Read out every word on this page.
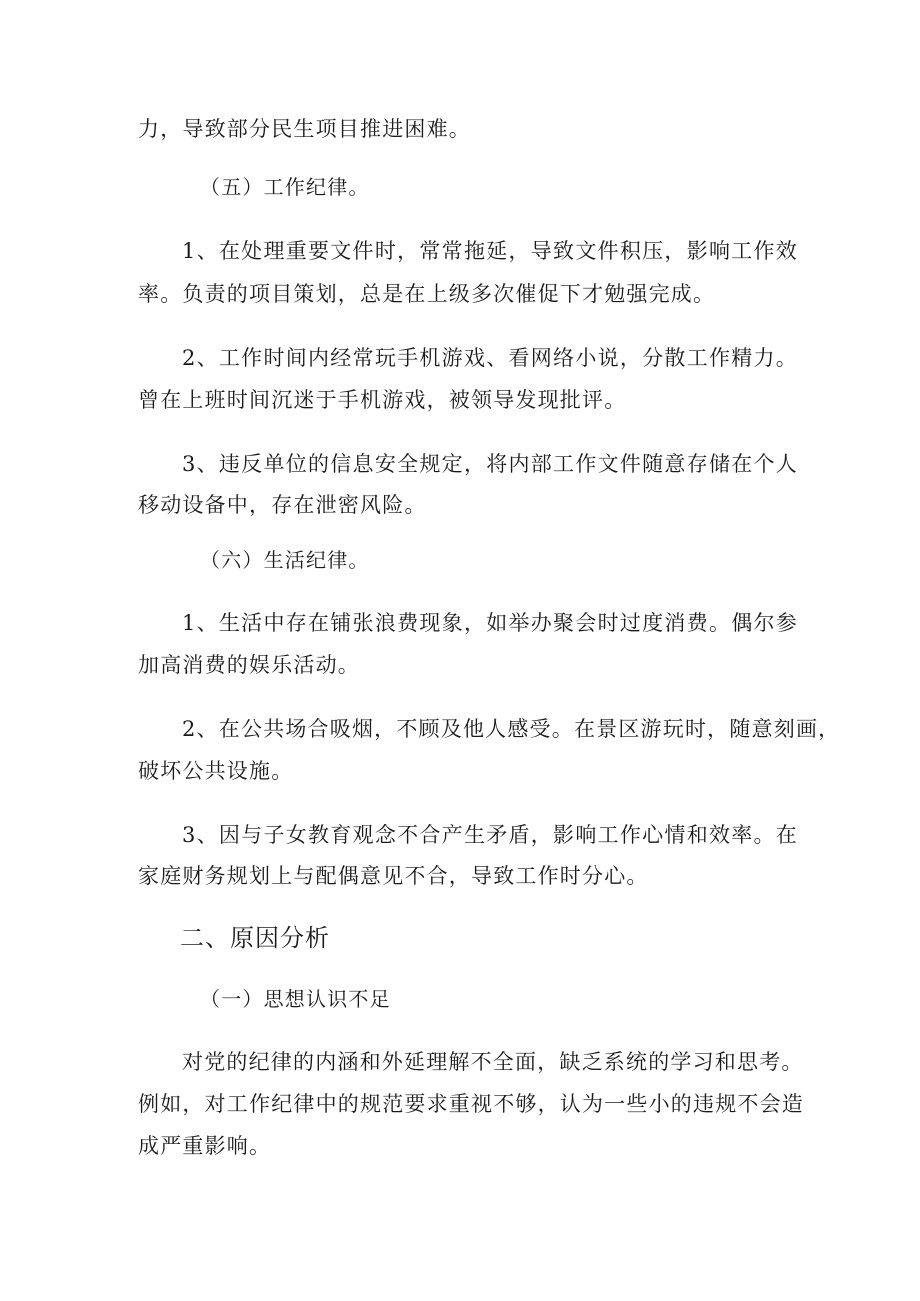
力，导致部分民生项目推进困难。
（五）工作纪律。
1、在处理重要文件时，常常拖延，导致文件积压，影响工作效
率。负责的项目策划，总是在上级多次催促下才勉强完成。
2、工作时间内经常玩手机游戏、看网络小说，分散工作精力。
曾在上班时间沉迷于手机游戏，被领导发现批评。
3、违反单位的信息安全规定，将内部工作文件随意存储在个人
移动设备中，存在泄密风险。
（六）生活纪律。
1、生活中存在铺张浪费现象，如举办聚会时过度消费。偶尔参
加高消费的娱乐活动。
2、在公共场合吸烟，不顾及他人感受。在景区游玩时，随意刻画，
破坏公共设施。
3、因与子女教育观念不合产生矛盾，影响工作心情和效率。在
家庭财务规划上与配偶意见不合，导致工作时分心。
二、原因分析
（一）思想认识不足
对党的纪律的内涵和外延理解不全面，缺乏系统的学习和思考。
例如，对工作纪律中的规范要求重视不够，认为一些小的违规不会造
成严重影响。
